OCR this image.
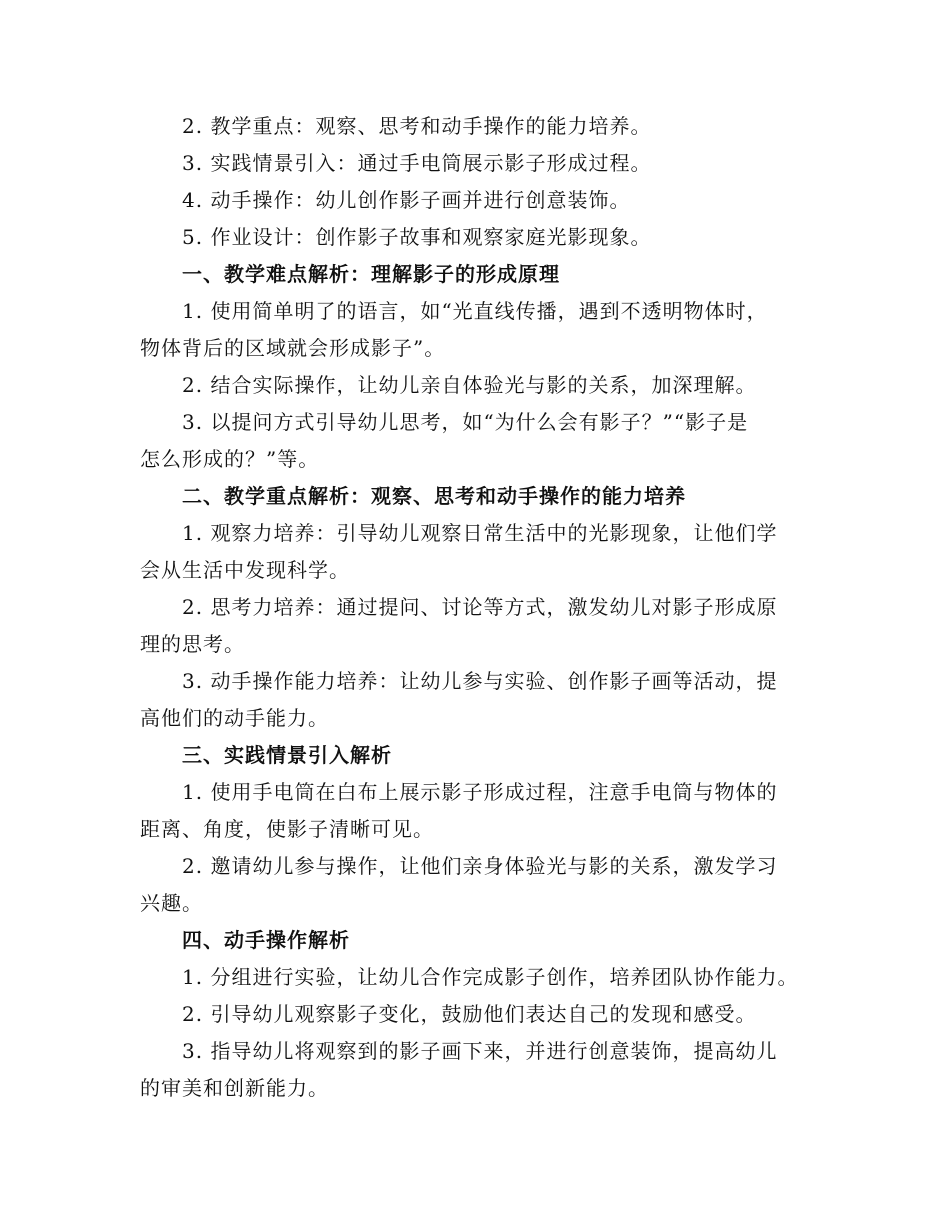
2. 教学重点：观察、思考和动手操作的能力培养。
3. 实践情景引入：通过手电筒展示影子形成过程。
4. 动手操作：幼儿创作影子画并进行创意装饰。
5. 作业设计：创作影子故事和观察家庭光影现象。
一、教学难点解析：理解影子的形成原理
1. 使用简单明了的语言，如“光直线传播，遇到不透明物体时，
物体背后的区域就会形成影子”。
2. 结合实际操作，让幼儿亲自体验光与影的关系，加深理解。
3. 以提问方式引导幼儿思考，如“为什么会有影子？”“影子是
怎么形成的？”等。
二、教学重点解析：观察、思考和动手操作的能力培养
1. 观察力培养：引导幼儿观察日常生活中的光影现象，让他们学
会从生活中发现科学。
2. 思考力培养：通过提问、讨论等方式，激发幼儿对影子形成原
理的思考。
3. 动手操作能力培养：让幼儿参与实验、创作影子画等活动，提
高他们的动手能力。
三、实践情景引入解析
1. 使用手电筒在白布上展示影子形成过程，注意手电筒与物体的
距离、角度，使影子清晰可见。
2. 邀请幼儿参与操作，让他们亲身体验光与影的关系，激发学习
兴趣。
四、动手操作解析
1. 分组进行实验，让幼儿合作完成影子创作，培养团队协作能力。
2. 引导幼儿观察影子变化，鼓励他们表达自己的发现和感受。
3. 指导幼儿将观察到的影子画下来，并进行创意装饰，提高幼儿
的审美和创新能力。
